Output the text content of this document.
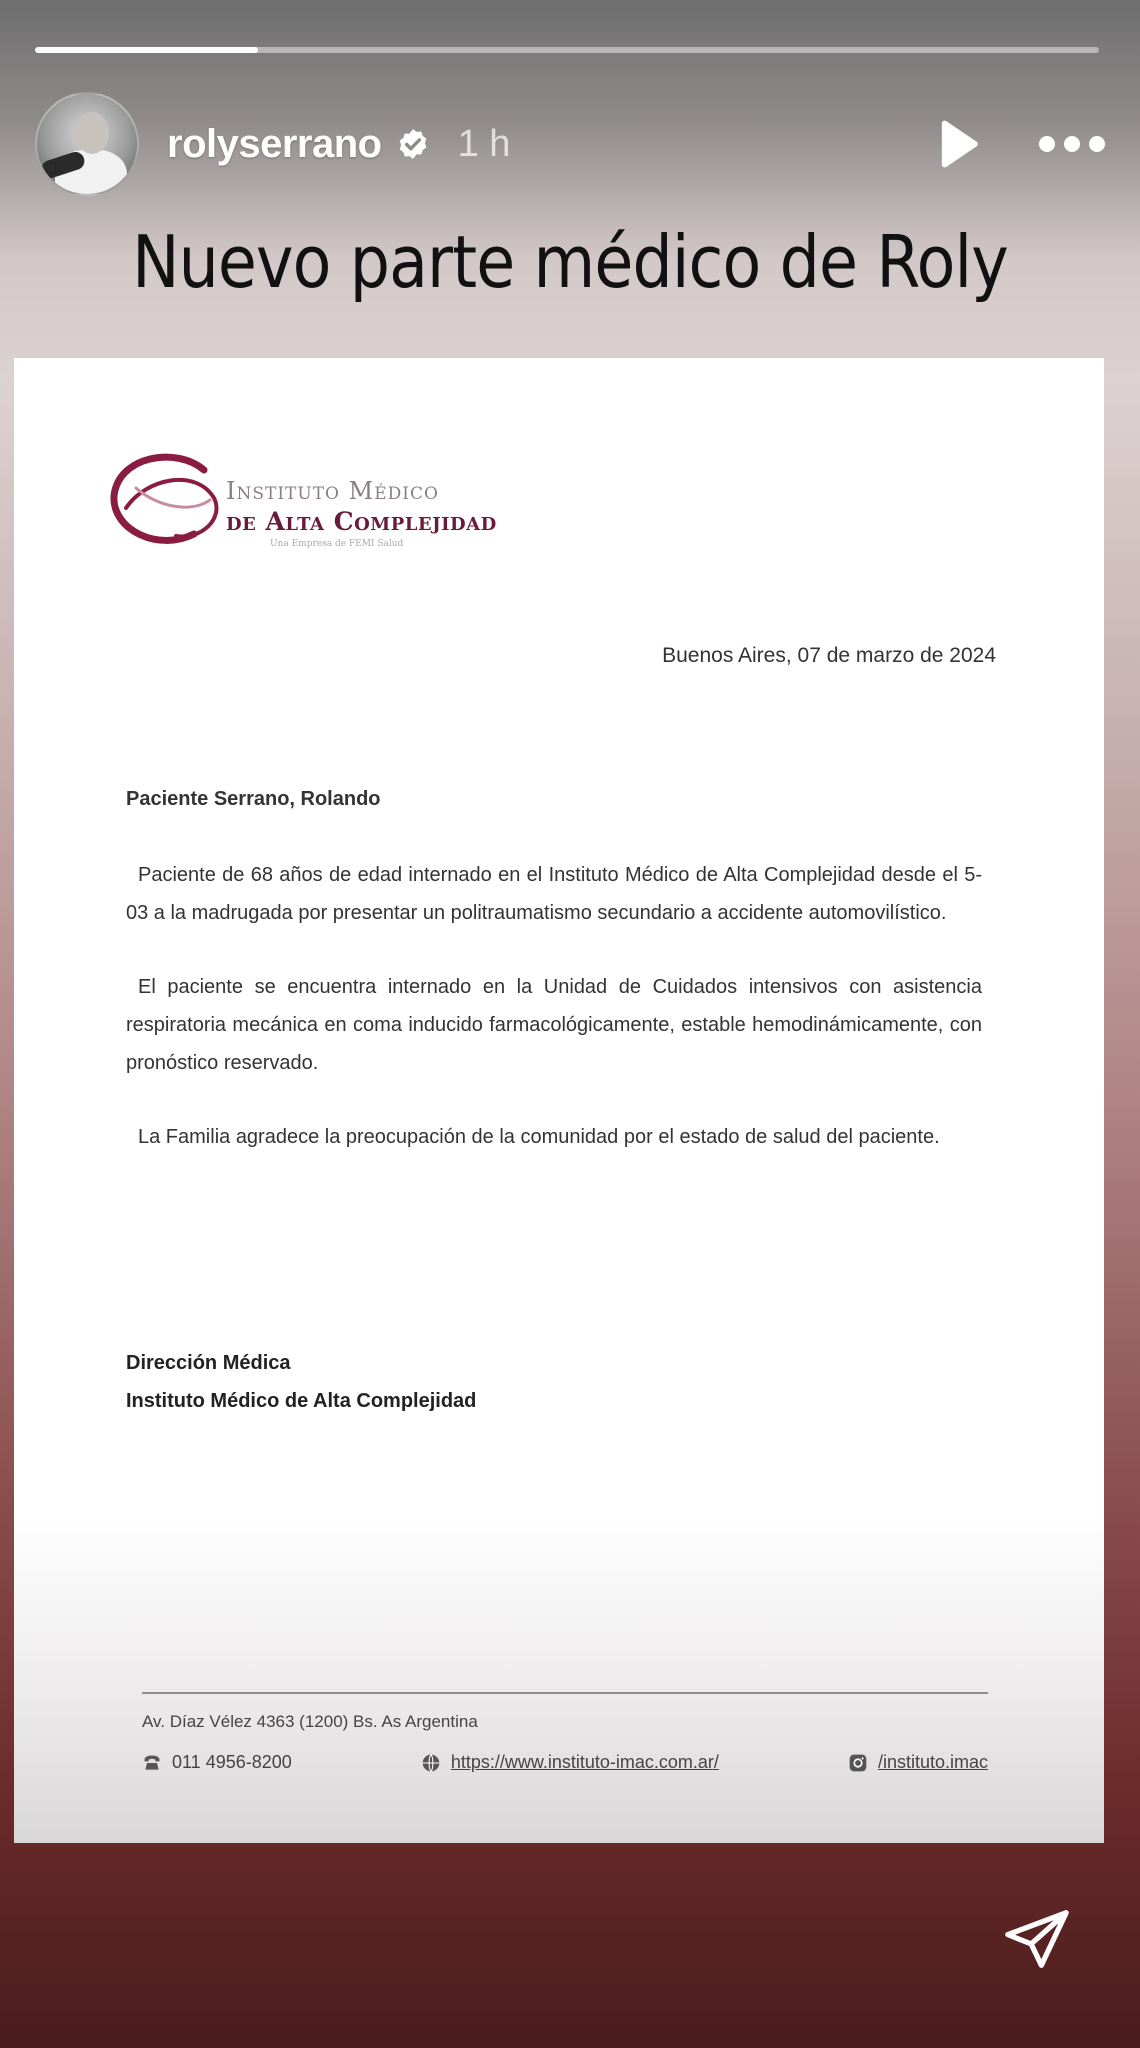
rolyserrano 1 h
Nuevo parte médico de Roly
Instituto Médico
de Alta Complejidad
Una Empresa de FEMI Salud
Buenos Aires, 07 de marzo de 2024

Paciente Serrano, Rolando

Paciente de 68 años de edad internado en el Instituto Médico de Alta Complejidad desde el 5-03 a la madrugada por presentar un politraumatismo secundario a accidente automovilístico.

El paciente se encuentra internado en la Unidad de Cuidados intensivos con asistencia respiratoria mecánica en coma inducido farmacológicamente, estable hemodinámicamente, con pronóstico reservado.

La Familia agradece la preocupación de la comunidad por el estado de salud del paciente.

Dirección Médica
Instituto Médico de Alta Complejidad
Av. Díaz Vélez 4363 (1200) Bs. As Argentina
011 4956-8200	https://www.instituto-imac.com.ar/	/instituto.imac
